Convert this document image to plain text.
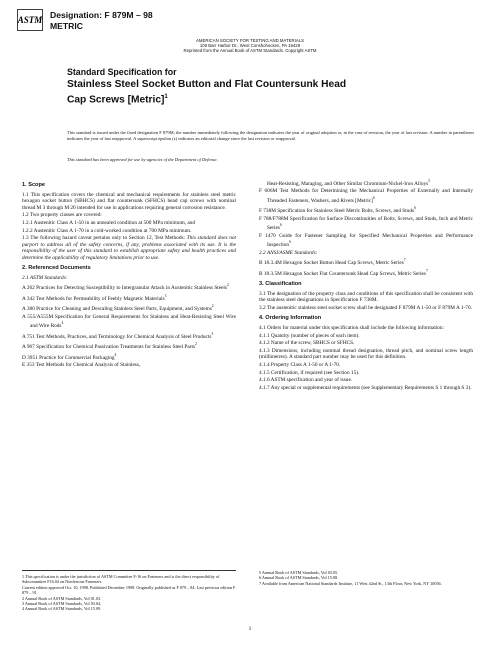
ASTM Designation: F 879M – 98
METRIC
AMERICAN SOCIETY FOR TESTING AND MATERIALS
100 Barr Harbor Dr., West Conshohocken, PA 19428
Reprinted from the Annual Book of ASTM Standards. Copyright ASTM
Standard Specification for
Stainless Steel Socket Button and Flat Countersunk Head
Cap Screws [Metric]$^1$
This standard is issued under the fixed designation F 879M; the number immediately following the designation indicates the year of original adoption or, in the case of revision, the year of last revision. A number in parentheses indicates the year of last reapproval. A superscript epsilon (ε) indicates an editorial change since the last revision or reapproval.
This standard has been approved for use by agencies of the Department of Defense.

1. Scope

1.1 This specification covers the chemical and mechanical requirements for stainless steel metric hexagon socket button (SBHCS) and flat countersunk (SFHCS) head cap screws with nominal thread M 3 through M 20 intended for use in applications requiring general corrosion resistance.

1.2 Two property classes are covered:

1.2.1 Austenitic Class A 1-50 in an annealed condition at 500 MPa minimum, and

1.2.2 Austenitic Class A 1-70 in a cold-worked condition at 700 MPa minimum.

1.3 The following hazard caveat pertains only to Section 12, Test Methods: This standard does not purport to address all of the safety concerns, if any, problems associated with its use. It is the responsibility of the user of this standard to establish appropriate safety and health practices and determine the applicability of regulatory limitations prior to use.

2. Referenced Documents

2.1 ASTM Standards:

A 262 Practices for Detecting Susceptibility to Intergranular Attack in Austenitic Stainless Steels$^2$

A 342 Test Methods for Permeability of Feebly Magnetic Materials$^3$

A 380 Practice for Cleaning and Descaling Stainless Steel Parts, Equipment, and Systems$^2$

A 555/A555M Specification for General Requirements for Stainless and Heat-Resisting Steel Wire and Wire Rods$^4$

A 751 Test Methods, Practices, and Terminology for Chemical Analysis of Steel Products$^3$

A 967 Specification for Chemical Passivation Treatments for Stainless Steel Parts$^2$

D 3951 Practice for Commercial Packaging$^4$

E 353 Test Methods for Chemical Analysis of Stainless,

Heat-Resisting, Maraging, and Other Similar Chromium-Nickel-Iron Alloys$^5$

F 606M Test Methods for Determining the Mechanical Properties of Externally and Internally Threaded Fasteners, Washers, and Rivets [Metric]$^6$

F 738M Specification for Stainless Steel Metric Bolts, Screws, and Studs$^6$

F 788/F788M Specification for Surface Discontinuities of Bolts, Screws, and Studs, Inch and Metric Series$^6$

F 1470 Guide for Fastener Sampling for Specified Mechanical Properties and Performance Inspection$^6$

2.2 ANSI/ASME Standards:

B 18.3.4M Hexagon Socket Button Head Cap Screws, Metric Series$^7$

B 18.3.5M Hexagon Socket Flat Countersunk Head Cap Screws, Metric Series$^7$

3. Classification

3.1 The designation of the property class and conditions of this specification shall be consistent with the stainless steel designations in Specification F 738M.

3.2 The austenitic stainless steel socket screw shall be designated F 879M A 1-50 or F 879M A 1-70.

4. Ordering Information

4.1 Orders for material under this specification shall include the following information:

4.1.1 Quantity (number of pieces of each item).

4.1.2 Name of the screw, SBHCS or SFHCS.

4.1.3 Dimensions, including nominal thread designation, thread pitch, and nominal screw length (millimetres). A standard part number may be used for this definition.

4.1.4 Property Class A 1-50 or A 1-70.

4.1.5 Certification, if required (see Section 15).

4.1.6 ASTM specification and year of issue.

4.1.7 Any special or supplemental requirements (see Supplementary Requirements S 1 through S 3).

1 This specification is under the jurisdiction of ASTM Committee F-16 on Fasteners and is the direct responsibility of Subcommittee F16.04 on Nonferrous Fasteners.

Current edition approved Oct. 10, 1998. Published December 1998. Originally published as F 879 – 84. Last previous edition F 879 – 91.

2 Annual Book of ASTM Standards, Vol 01.03.

3 Annual Book of ASTM Standards, Vol 03.04.

4 Annual Book of ASTM Standards, Vol 15.09.

5 Annual Book of ASTM Standards, Vol 03.05.

6 Annual Book of ASTM Standards, Vol 15.08.

7 Available from American National Standards Institute, 11 West 42nd St., 13th Floor, New York, NY 10036.

1
